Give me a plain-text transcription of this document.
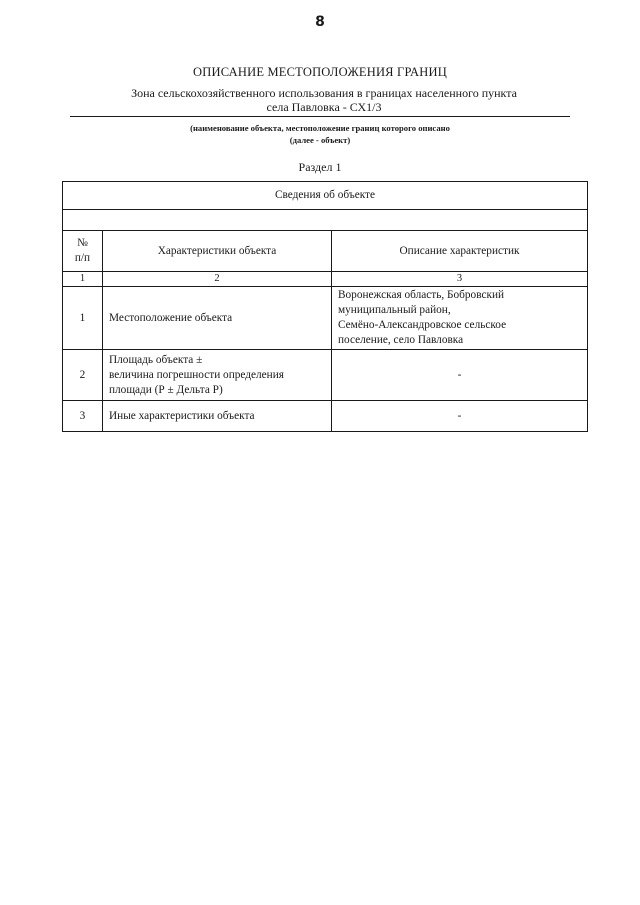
8
ОПИСАНИЕ МЕСТОПОЛОЖЕНИЯ ГРАНИЦ
Зона сельскохозяйственного использования в границах населенного пункта
села Павловка - СХ1/3
(наименование объекта, местоположение границ которого описано
(далее - объект)
Раздел 1
Сведения об объекте		

№
п/п	Характеристики объекта	Описание характеристик
1	2	3
1	Местоположение объекта	Воронежская область, Бобровский
муниципальный район,
Семёно-Александровское сельское
поселение, село Павловка
2	Площадь объекта ±
величина погрешности определения
площади (Р ± Дельта Р)	-
3	Иные характеристики объекта	-
